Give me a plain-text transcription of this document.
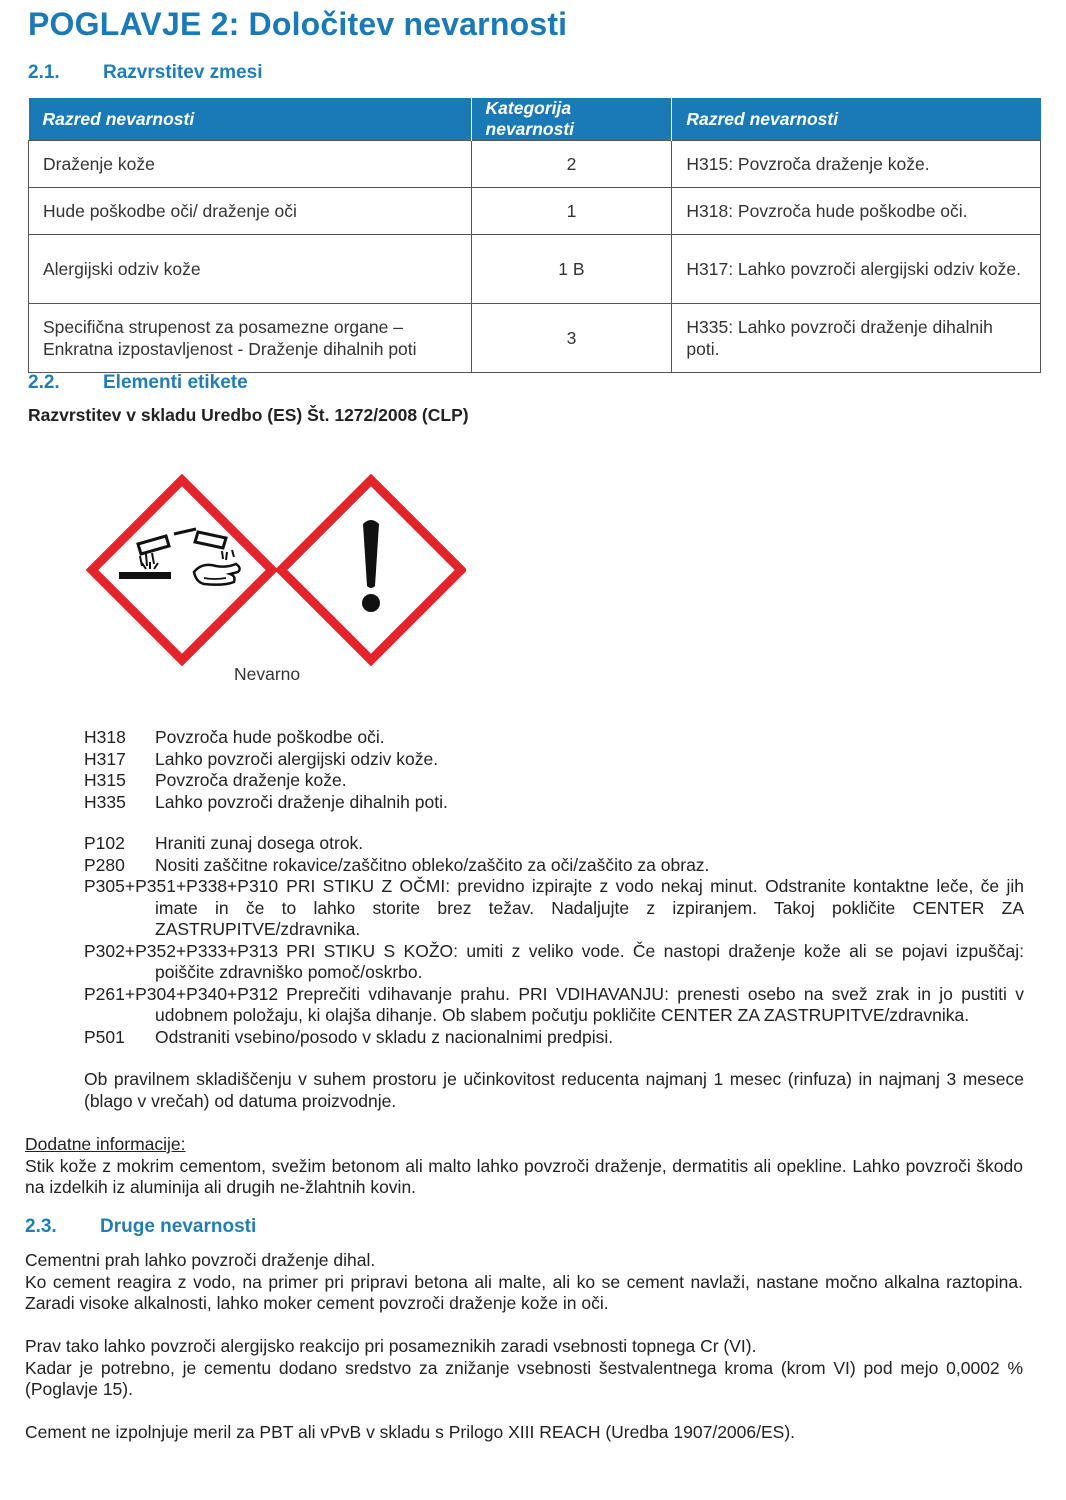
POGLAVJE 2: Določitev nevarnosti
2.1. Razvrstitev zmesi
Razred nevarnosti	Kategorija nevarnosti	Razred nevarnosti
Draženje kože	2	H315: Povzroča draženje kože.
Hude poškodbe oči/ draženje oči	1	H318: Povzroča hude poškodbe oči.
Alergijski odziv kože	1 B	H317: Lahko povzroči alergijski odziv kože.
Specifična strupenost za posamezne organe – Enkratna izpostavljenost - Draženje dihalnih poti	3	H335: Lahko povzroči draženje dihalnih poti.
2.2. Elementi etikete
Razvrstitev v skladu Uredbo (ES) Št. 1272/2008 (CLP)
Nevarno
H318 Povzroča hude poškodbe oči.
H317 Lahko povzroči alergijski odziv kože.
H315 Povzroča draženje kože.
H335 Lahko povzroči draženje dihalnih poti.
P102 Hraniti zunaj dosega otrok.
P280 Nositi zaščitne rokavice/zaščitno obleko/zaščito za oči/zaščito za obraz.
P305+P351+P338+P310 PRI STIKU Z OČMI: previdno izpirajte z vodo nekaj minut. Odstranite kontaktne leče, če jih imate in če to lahko storite brez težav. Nadaljujte z izpiranjem. Takoj pokličite CENTER ZA ZASTRUPITVE/zdravnika.
P302+P352+P333+P313 PRI STIKU S KOŽO: umiti z veliko vode. Če nastopi draženje kože ali se pojavi izpuščaj: poiščite zdravniško pomoč/oskrbo.
P261+P304+P340+P312 Preprečiti vdihavanje prahu. PRI VDIHAVANJU: prenesti osebo na svež zrak in jo pustiti v udobnem položaju, ki olajša dihanje. Ob slabem počutju pokličite CENTER ZA ZASTRUPITVE/zdravnika.
P501 Odstraniti vsebino/posodo v skladu z nacionalnimi predpisi.
Ob pravilnem skladiščenju v suhem prostoru je učinkovitost reducenta najmanj 1 mesec (rinfuza) in najmanj 3 mesece (blago v vrečah) od datuma proizvodnje.
Dodatne informacije:
Stik kože z mokrim cementom, svežim betonom ali malto lahko povzroči draženje, dermatitis ali opekline. Lahko povzroči škodo na izdelkih iz aluminija ali drugih ne-žlahtnih kovin.
2.3. Druge nevarnosti
Cementni prah lahko povzroči draženje dihal.
Ko cement reagira z vodo, na primer pri pripravi betona ali malte, ali ko se cement navlaži, nastane močno alkalna raztopina. Zaradi visoke alkalnosti, lahko moker cement povzroči draženje kože in oči.
Prav tako lahko povzroči alergijsko reakcijo pri posameznikih zaradi vsebnosti topnega Cr (VI).
Kadar je potrebno, je cementu dodano sredstvo za znižanje vsebnosti šestvalentnega kroma (krom VI) pod mejo 0,0002 % (Poglavje 15).
Cement ne izpolnjuje meril za PBT ali vPvB v skladu s Prilogo XIII REACH (Uredba 1907/2006/ES).
